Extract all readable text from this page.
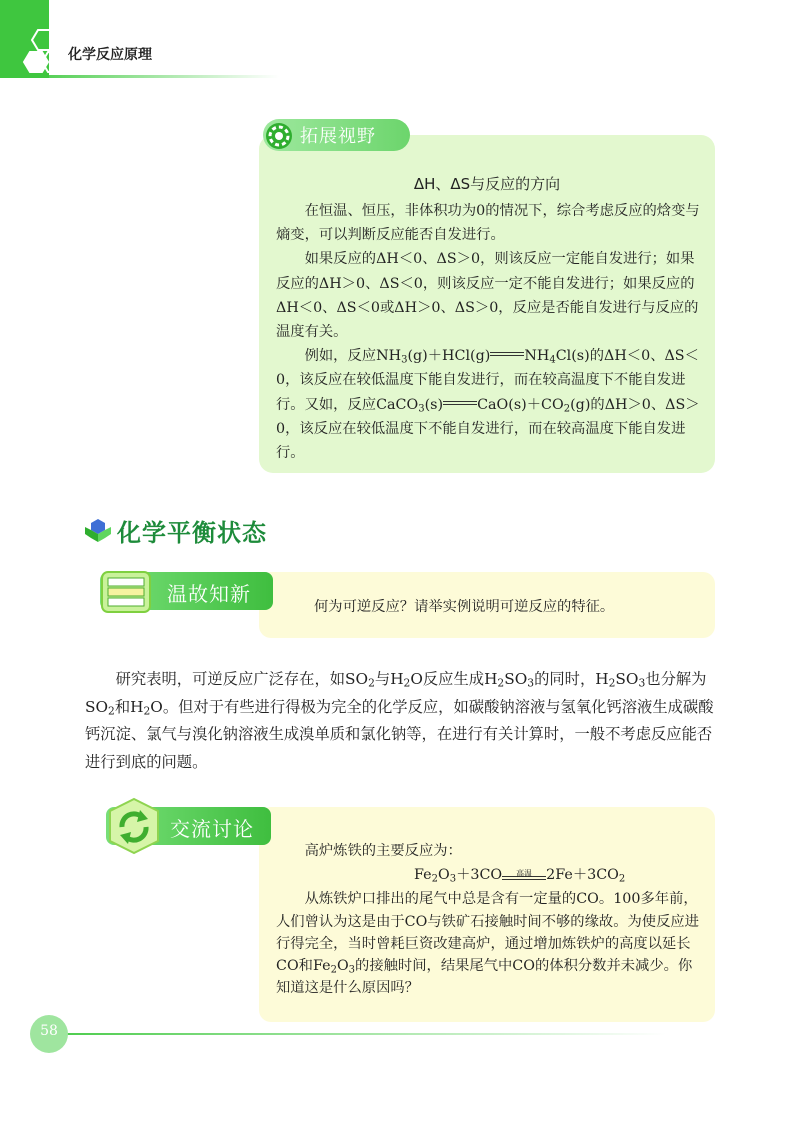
化学反应原理
拓展视野
ΔH、ΔS与反应的方向

在恒温、恒压，非体积功为0的情况下，综合考虑反应的焓变与熵变，可以判断反应能否自发进行。

如果反应的ΔH＜0、ΔS＞0，则该反应一定能自发进行；如果反应的ΔH＞0、ΔS＜0，则该反应一定不能自发进行；如果反应的ΔH＜0、ΔS＜0或ΔH＞0、ΔS＞0，反应是否能自发进行与反应的温度有关。

例如，反应$NH_3(g)+HCl(g)$ $NH_4Cl(s)$的ΔH＜0、ΔS＜0，该反应在较低温度下能自发进行，而在较高温度下不能自发进行。又如，反应CaCO$_3$(s) $CaO(s)+CO_2(g)$的ΔH＞0、ΔS＞0，该反应在较低温度下不能自发进行，而在较高温度下能自发进行。

化学平衡状态
温故知新
何为可逆反应？请举实例说明可逆反应的特征。

研究表明，可逆反应广泛存在，如$SO_2$与$H_2O$反应生成$H_2SO_3$的同时，$H_2SO_3$也分解为$SO_2$和$H_2O$。但对于有些进行得极为完全的化学反应，如碳酸钠溶液与氢氧化钙溶液生成碳酸钙沉淀、氯气与溴化钠溶液生成溴单质和氯化钠等，在进行有关计算时，一般不考虑反应能否进行到底的问题。

交流讨论

高炉炼铁的主要反应为：

$Fe_2O_3+3CO$	高温 $2Fe+3CO_2$

从炼铁炉口排出的尾气中总是含有一定量的CO。100多年前，人们曾认为这是由于CO与铁矿石接触时间不够的缘故。为使反应进行得完全，当时曾耗巨资改建高炉，通过增加炼铁炉的高度以延长CO和$Fe_2O_3$的接触时间，结果尾气中CO的体积分数并未减少。你知道这是什么原因吗？

58
